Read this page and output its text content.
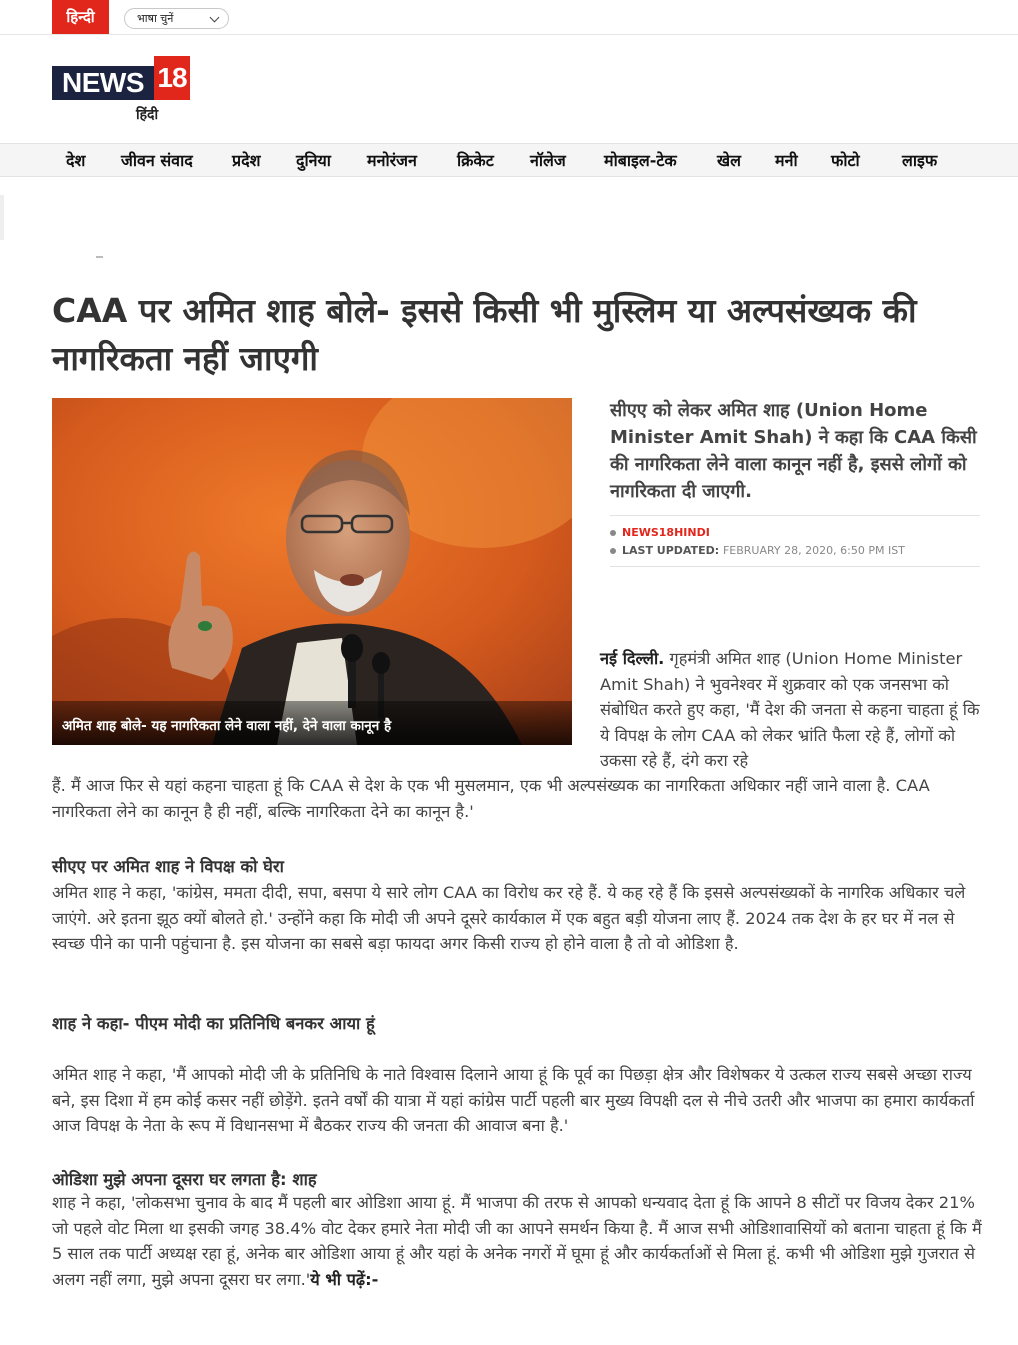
हिन्दी	भाषा चुनें
NEWS 18
हिंदी
देश जीवन संवाद प्रदेश दुनिया मनोरंजन	क्रिकेट नॉलेज मोबाइल-टेक	खेल मनी फोटो	लाइफ
CAA पर अमित शाह बोले- इससे किसी भी मुस्लिम या अल्पसंख्यक की नागरिकता नहीं जाएगी
अमित शाह बोले- यह नागरिकता लेने वाला नहीं, देने वाला कानून है
सीएए को लेकर अमित शाह (Union Home Minister Amit Shah) ने कहा कि CAA किसी की नागरिकता लेने वाला कानून नहीं है, इससे लोगों को नागरिकता दी जाएगी.
NEWS18HINDI
LAST UPDATED: FEBRUARY 28, 2020, 6:50 PM IST

नई दिल्ली. गृहमंत्री अमित शाह (Union Home Minister Amit Shah) ने भुवनेश्वर में शुक्रवार को एक जनसभा को संबोधित करते हुए कहा, 'मैं देश की जनता से कहना चाहता हूं कि ये विपक्ष के लोग CAA को लेकर भ्रांति फैला रहे हैं, लोगों को उकसा रहे हैं, दंगे करा रहे

हैं. मैं आज फिर से यहां कहना चाहता हूं कि CAA से देश के एक भी मुसलमान, एक भी अल्पसंख्यक का नागरिकता अधिकार नहीं जाने वाला है. CAA नागरिकता लेने का कानून है ही नहीं, बल्कि नागरिकता देने का कानून है.'

सीएए पर अमित शाह ने विपक्ष को घेरा

अमित शाह ने कहा, 'कांग्रेस, ममता दीदी, सपा, बसपा ये सारे लोग CAA का विरोध कर रहे हैं. ये कह रहे हैं कि इससे अल्पसंख्यकों के नागरिक अधिकार चले जाएंगे. अरे इतना झूठ क्यों बोलते हो.' उन्होंने कहा कि मोदी जी अपने दूसरे कार्यकाल में एक बहुत बड़ी योजना लाए हैं. 2024 तक देश के हर घर में नल से स्वच्छ पीने का पानी पहुंचाना है. इस योजना का सबसे बड़ा फायदा अगर किसी राज्य हो होने वाला है तो वो ओडिशा है.

शाह ने कहा- पीएम मोदी का प्रतिनिधि बनकर आया हूं

अमित शाह ने कहा, 'मैं आपको मोदी जी के प्रतिनिधि के नाते विश्वास दिलाने आया हूं कि पूर्व का पिछड़ा क्षेत्र और विशेषकर ये उत्कल राज्य सबसे अच्छा राज्य बने, इस दिशा में हम कोई कसर नहीं छोड़ेंगे. इतने वर्षों की यात्रा में यहां कांग्रेस पार्टी पहली बार मुख्य विपक्षी दल से नीचे उतरी और भाजपा का हमारा कार्यकर्ता आज विपक्ष के नेता के रूप में विधानसभा में बैठकर राज्य की जनता की आवाज बना है.'

ओडिशा मुझे अपना दूसरा घर लगता है: शाह

शाह ने कहा, 'लोकसभा चुनाव के बाद मैं पहली बार ओडिशा आया हूं. मैं भाजपा की तरफ से आपको धन्यवाद देता हूं कि आपने 8 सीटों पर विजय देकर 21% जो पहले वोट मिला था इसकी जगह 38.4% वोट देकर हमारे नेता मोदी जी का आपने समर्थन किया है. मैं आज सभी ओडिशावासियों को बताना चाहता हूं कि मैं 5 साल तक पार्टी अध्यक्ष रहा हूं, अनेक बार ओडिशा आया हूं और यहां के अनेक नगरों में घूमा हूं और कार्यकर्ताओं से मिला हूं. कभी भी ओडिशा मुझे गुजरात से अलग नहीं लगा, मुझे अपना दूसरा घर लगा.'ये भी पढ़ें:-
